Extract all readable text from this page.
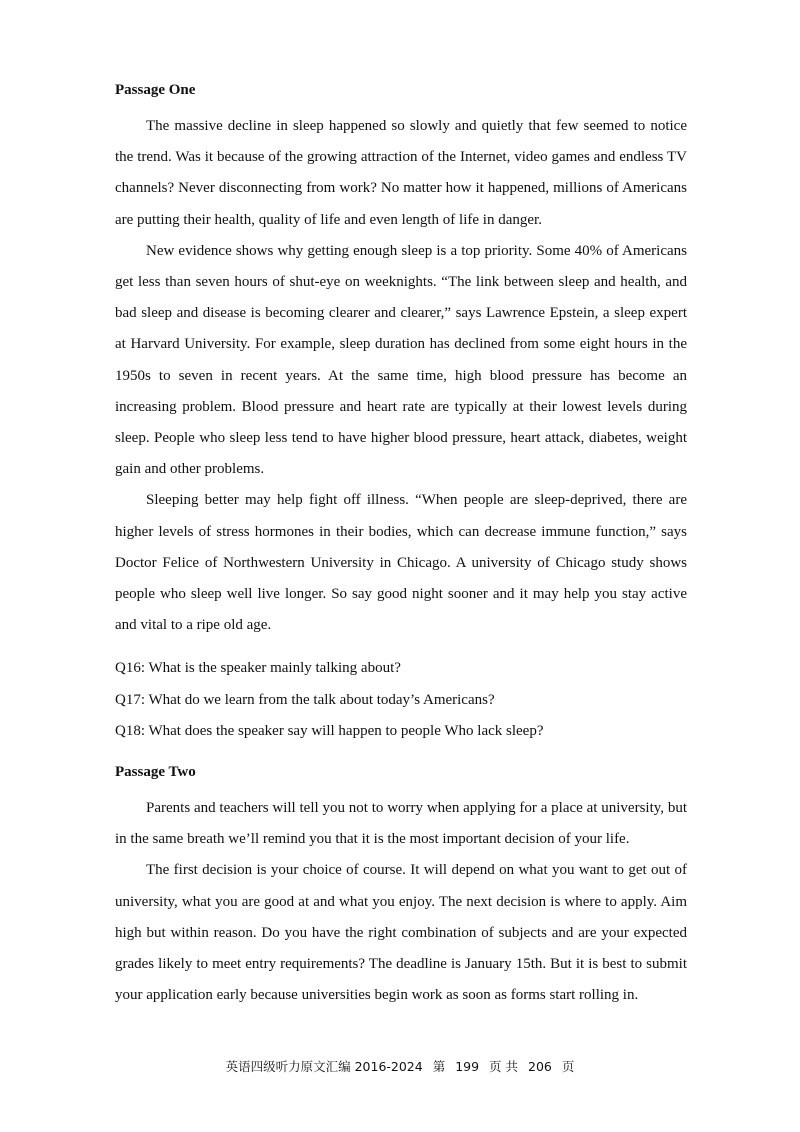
Passage One

The massive decline in sleep happened so slowly and quietly that few seemed to notice the trend. Was it because of the growing attraction of the Internet, video games and endless TV channels? Never disconnecting from work? No matter how it happened, millions of Americans are putting their health, quality of life and even length of life in danger.

New evidence shows why getting enough sleep is a top priority. Some 40% of Americans get less than seven hours of shut-eye on weeknights. “The link between sleep and health, and bad sleep and disease is becoming clearer and clearer,” says Lawrence Epstein, a sleep expert at Harvard University. For example, sleep duration has declined from some eight hours in the 1950s to seven in recent years. At the same time, high blood pressure has become an increasing problem. Blood pressure and heart rate are typically at their lowest levels during sleep. People who sleep less tend to have higher blood pressure, heart attack, diabetes, weight gain and other problems.

Sleeping better may help fight off illness. “When people are sleep-deprived, there are higher levels of stress hormones in their bodies, which can decrease immune function,” says Doctor Felice of Northwestern University in Chicago. A university of Chicago study shows people who sleep well live longer. So say good night sooner and it may help you stay active and vital to a ripe old age.

Q16: What is the speaker mainly talking about?
Q17: What do we learn from the talk about today’s Americans?
Q18: What does the speaker say will happen to people Who lack sleep?
Passage Two

Parents and teachers will tell you not to worry when applying for a place at university, but in the same breath we’ll remind you that it is the most important decision of your life.

The first decision is your choice of course. It will depend on what you want to get out of university, what you are good at and what you enjoy. The next decision is where to apply. Aim high but within reason. Do you have the right combination of subjects and are your expected grades likely to meet entry requirements? The deadline is January 15th. But it is best to submit your application early because universities begin work as soon as forms start rolling in.

英语四级听力原文汇编 2016-2024 第 199 页 共 206 页
